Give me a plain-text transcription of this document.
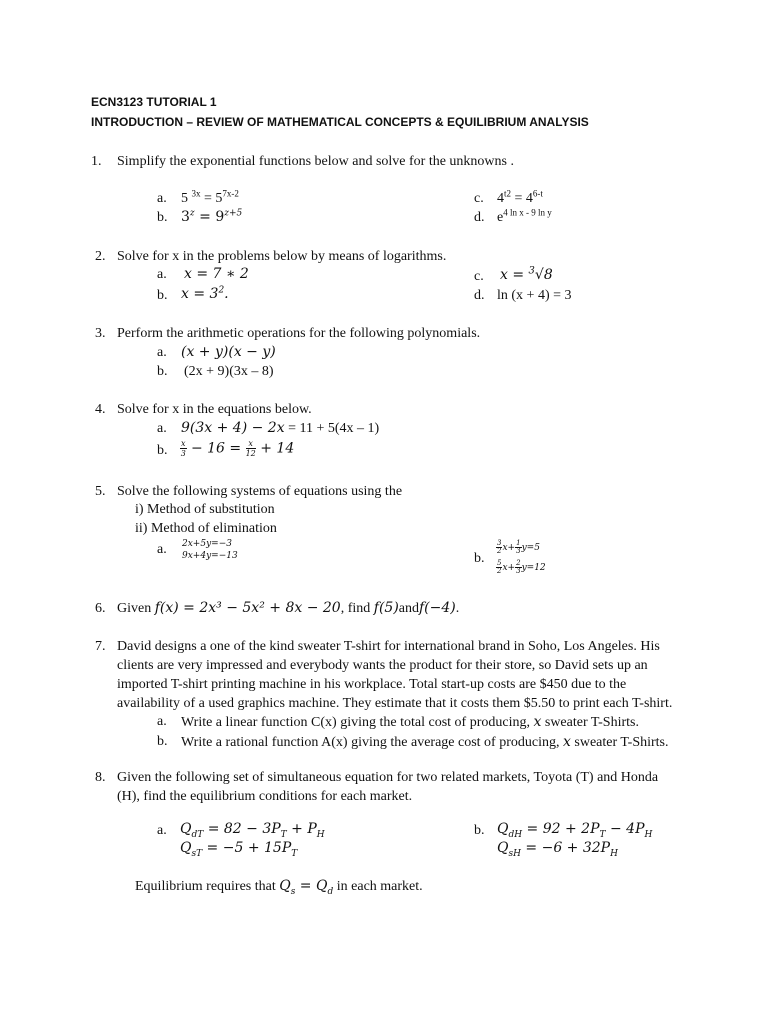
ECN3123 TUTORIAL 1
INTRODUCTION – REVIEW OF MATHEMATICAL CONCEPTS & EQUILIBRIUM ANALYSIS
1. Simplify the exponential functions below and solve for the unknowns .
a. 5 $^{3x} = 5^{7x-2}$
b. $3^z = 9^{z+5}$
c. $4^{t2} = 4^{6-t}$
d. $e^{4 ln x - 9 ln y}$
2. Solve for x in the problems below by means of logarithms.
a. x = 7 ∗ 2
b. $x = 3^2$.
c. x = $^3$√8
d. ln (x + 4) = 3
3. Perform the arithmetic operations for the following polynomials.
a. (x + y)(x − y)
b. (2x + 9)(3x – 8)
4. Solve for x in the equations below.
a. 9(3x + 4) − 2x = 11 + 5(4x – 1)
b. $\frac{x}{3} - 16 = \frac{x}{12} + 14$
5. Solve the following systems of equations using the
i) Method of substitution
ii) Method of elimination
a. 2x+5y=−3
9x+4y=−13	b.
$\frac{3}{2} x+ \frac{1}{3} y=5$
$\frac{5}{2} x+ \frac{2}{3} y=12$
6. Given f(x) = 2x³ − 5x² + 8x − 20, find f(5)andf(−4).
7. David designs a one of the kind sweater T-shirt for international brand in Soho, Los Angeles. His
clients are very impressed and everybody wants the product for their store, so David sets up an
imported T-shirt printing machine in his workplace. Total start-up costs are $450 due to the
availability of a used graphics machine. They estimate that it costs them $5.50 to print each T-shirt.
a. Write a linear function C(x) giving the total cost of producing, x sweater T-Shirts.
b. Write a rational function A(x) giving the average cost of producing, x sweater T-Shirts.
8. Given the following set of simultaneous equation for two related markets, Toyota (T) and Honda
(H), find the equilibrium conditions for each market.
a. $Q_{dT} = 82 - 3P_T + P_H$
$Q_{sT} = -5 + 15P_T$
b. $Q_{dH} = 92 + 2P_T - 4P_H$
$Q_{sH} = -6 + 32P_H$
Equilibrium requires that $Q_s = Q_d$ in each market.
